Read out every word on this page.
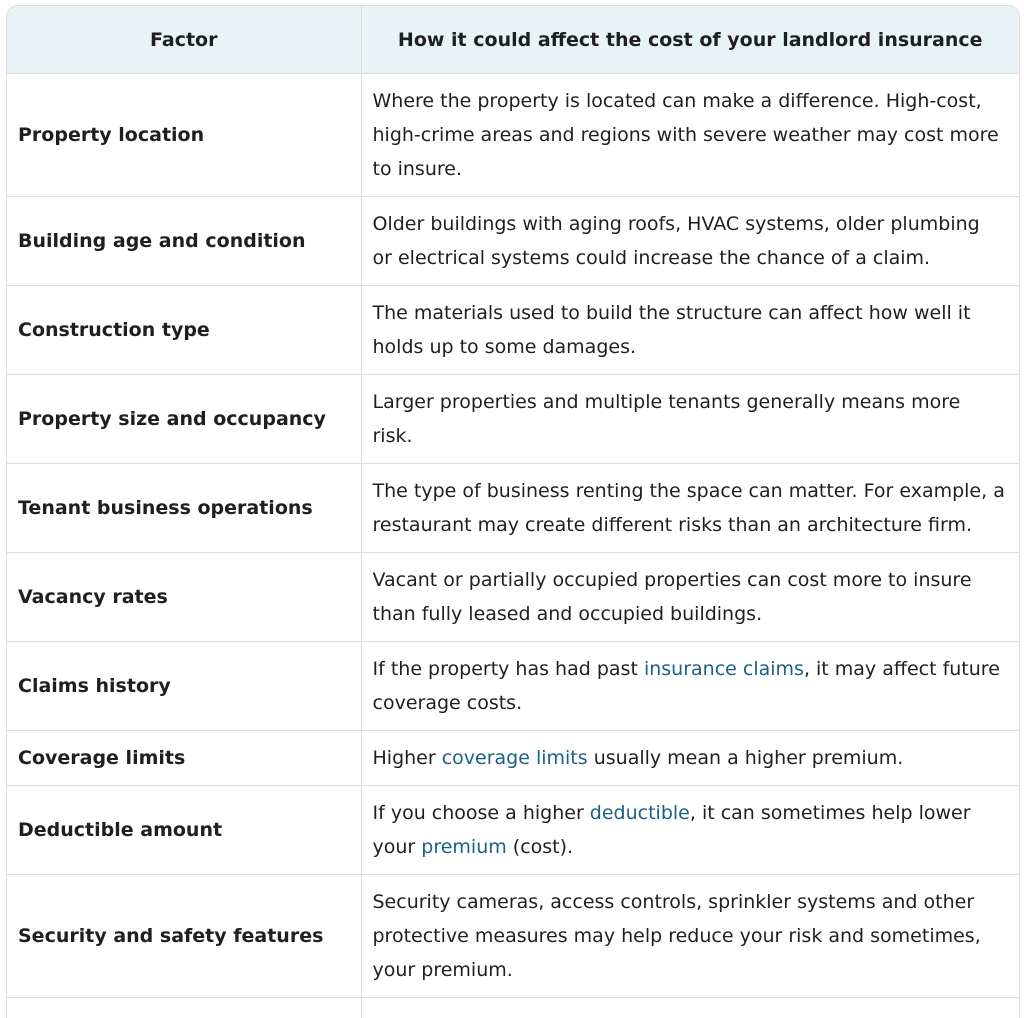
Factor	How it could affect the cost of your landlord insurance
Property location	Where the property is located can make a difference. High-cost, high-crime areas and regions with severe weather may cost more to insure.
Building age and condition	Older buildings with aging roofs, HVAC systems, older plumbing or electrical systems could increase the chance of a claim.
Construction type	The materials used to build the structure can affect how well it holds up to some damages.
Property size and occupancy	Larger properties and multiple tenants generally means more risk.
Tenant business operations	The type of business renting the space can matter. For example, a restaurant may create different risks than an architecture firm.
Vacancy rates	Vacant or partially occupied properties can cost more to insure than fully leased and occupied buildings.
Claims history	If the property has had past insurance claims, it may affect future coverage costs.
Coverage limits	Higher coverage limits usually mean a higher premium.
Deductible amount	If you choose a higher deductible, it can sometimes help lower your premium (cost).
Security and safety features	Security cameras, access controls, sprinkler systems and other protective measures may help reduce your risk and sometimes, your premium.
